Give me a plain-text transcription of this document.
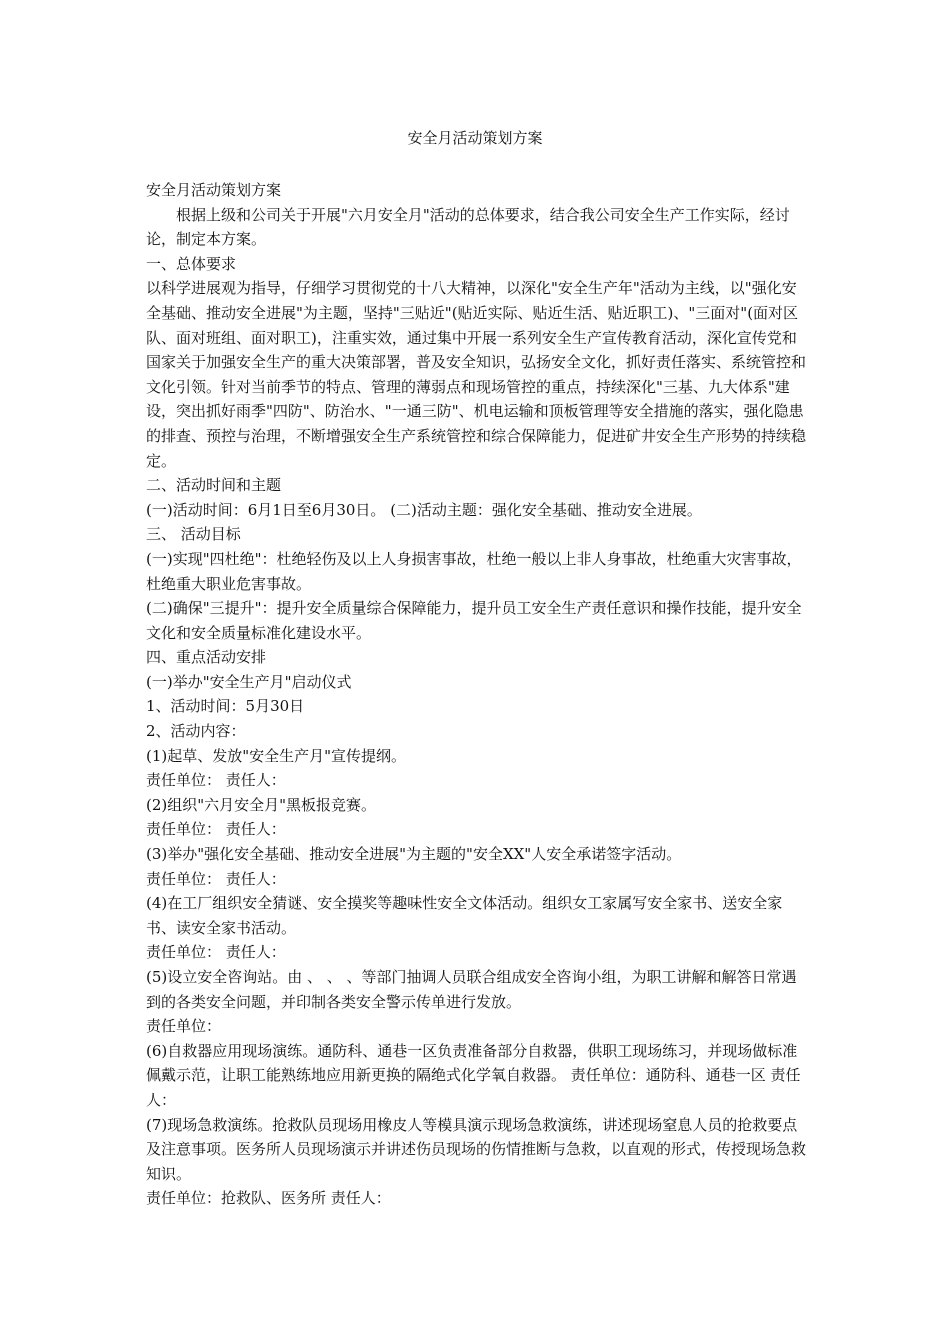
安全月活动策划方案

安全月活动策划方案

根据上级和公司关于开展"六月安全月"活动的总体要求，结合我公司安全生产工作实际，经讨论，制定本方案。

一、总体要求

以科学进展观为指导，仔细学习贯彻党的十八大精神，以深化"安全生产年"活动为主线，以"强化安全基础、推动安全进展"为主题，坚持"三贴近"(贴近实际、贴近生活、贴近职工)、"三面对"(面对区队、面对班组、面对职工)，注重实效，通过集中开展一系列安全生产宣传教育活动，深化宣传党和国家关于加强安全生产的重大决策部署，普及安全知识，弘扬安全文化，抓好责任落实、系统管控和文化引领。针对当前季节的特点、管理的薄弱点和现场管控的重点，持续深化"三基、九大体系"建设，突出抓好雨季"四防"、防治水、"一通三防"、机电运输和顶板管理等安全措施的落实，强化隐患的排查、预控与治理，不断增强安全生产系统管控和综合保障能力，促进矿井安全生产形势的持续稳定。

二、活动时间和主题

(一)活动时间：6月1日至6月30日。 (二)活动主题：强化安全基础、推动安全进展。

三、 活动目标

(一)实现"四杜绝"：杜绝轻伤及以上人身损害事故，杜绝一般以上非人身事故，杜绝重大灾害事故，杜绝重大职业危害事故。

(二)确保"三提升"：提升安全质量综合保障能力，提升员工安全生产责任意识和操作技能，提升安全文化和安全质量标准化建设水平。

四、重点活动安排

(一)举办"安全生产月"启动仪式

1、活动时间：5月30日

2、活动内容：

(1)起草、发放"安全生产月"宣传提纲。

责任单位： 责任人：

(2)组织"六月安全月"黑板报竞赛。

责任单位： 责任人：

(3)举办"强化安全基础、推动安全进展"为主题的"安全XX"人安全承诺签字活动。

责任单位： 责任人：

(4)在工厂组织安全猜谜、安全摸奖等趣味性安全文体活动。组织女工家属写安全家书、送安全家书、读安全家书活动。

责任单位： 责任人：

(5)设立安全咨询站。由 、 、 、等部门抽调人员联合组成安全咨询小组，为职工讲解和解答日常遇到的各类安全问题，并印制各类安全警示传单进行发放。

责任单位：

(6)自救器应用现场演练。通防科、通巷一区负责准备部分自救器，供职工现场练习，并现场做标准佩戴示范，让职工能熟练地应用新更换的隔绝式化学氧自救器。 责任单位：通防科、通巷一区 责任人：

(7)现场急救演练。抢救队员现场用橡皮人等模具演示现场急救演练，讲述现场窒息人员的抢救要点及注意事项。医务所人员现场演示并讲述伤员现场的伤情推断与急救，以直观的形式，传授现场急救知识。

责任单位：抢救队、医务所 责任人：
